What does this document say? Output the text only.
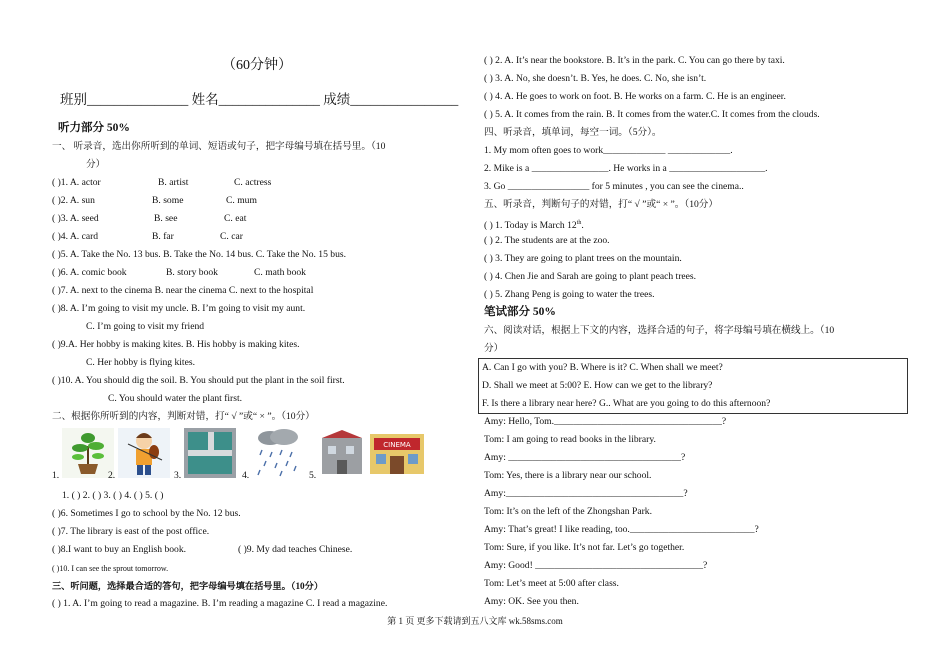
（60分钟）
班别_______________ 姓名_______________ 成绩________________
听力部分 50%
一、 听录音，选出你所听到的单词、短语或句子，把字母编号填在括号里。（10
分）
( )1. A. actor	B. artist	C. actress
( )2. A. sun	B. some	C. mum
( )3. A. seed	B. see	C. eat
( )4. A. card	B. far	C. car
( )5. A. Take the No. 13 bus. B. Take the No. 14 bus. C. Take the No. 15 bus.
( )6. A. comic book	B. story book	C. math book
( )7. A. next to the cinema B. near the cinema C. next to the hospital
( )8. A. I’m going to visit my uncle. B. I’m going to visit my aunt.
C. I’m going to visit my friend
( )9.A. Her hobby is making kites. B. His hobby is making kites.
C. Her hobby is flying kites.
( )10. A. You should dig the soil. B. You should put the plant in the soil first.
C. You should water the plant first.
二、根据你所听到的内容，判断对错，打“ √ ”或“ × ”。（10分）
1.	2.	3.	4.	5.
CINEMA
1. ( ) 2. ( ) 3. ( ) 4. ( ) 5. ( )
( )6. Sometimes I go to school by the No. 12 bus.
( )7. The library is east of the post office.
( )8.I want to buy an English book.	( )9. My dad teaches Chinese.
( )10. I can see the sprout tomorrow.
三、听问题，选择最合适的答句，把字母编号填在括号里。（10分）
( ) 1. A. I’m going to read a magazine. B. I’m reading a magazine C. I read a magazine.
( ) 2. A. It’s near the bookstore. B. It’s in the park. C. You can go there by taxi.
( ) 3. A. No, she doesn’t. B. Yes, he does. C. No, she isn’t.
( ) 4. A. He goes to work on foot. B. He works on a farm. C. He is an engineer.
( ) 5. A. It comes from the rain. B. It comes from the water.C. It comes from the clouds.
四、听录音，填单词，每空一词。（5分）。
1. My mom often goes to work_____________ _____________.
2. Mike is a ________________. He works in a ____________________.
3. Go _________________ for 5 minutes , you can see the cinema..
五、听录音，判断句子的对错，打“ √ ”或“ × ”。（10分）
( ) 1. Today is March 12th.
( ) 2. The students are at the zoo.
( ) 3. They are going to plant trees on the mountain.
( ) 4. Chen Jie and Sarah are going to plant peach trees.
( ) 5. Zhang Peng is going to water the trees.
笔试部分 50%
六、阅读对话，根据上下文的内容，选择合适的句子，将字母编号填在横线上。（10
分）
A. Can I go with you? B. Where is it? C. When shall we meet?
D. Shall we meet at 5:00? E. How can we get to the library?
F. Is there a library near here? G.. What are you going to do this afternoon?
Amy: Hello, Tom.___________________________________?
Tom: I am going to read books in the library.
Amy: ____________________________________?
Tom: Yes, there is a library near our school.
Amy:_____________________________________?
Tom: It’s on the left of the Zhongshan Park.
Amy: That’s great! I like reading, too.__________________________?
Tom: Sure, if you like. It’s not far. Let’s go together.
Amy: Good! ___________________________________?
Tom: Let’s meet at 5:00 after class.
Amy: OK. See you then.
第 1 页 更多下载请到五八文库 wk.58sms.com
